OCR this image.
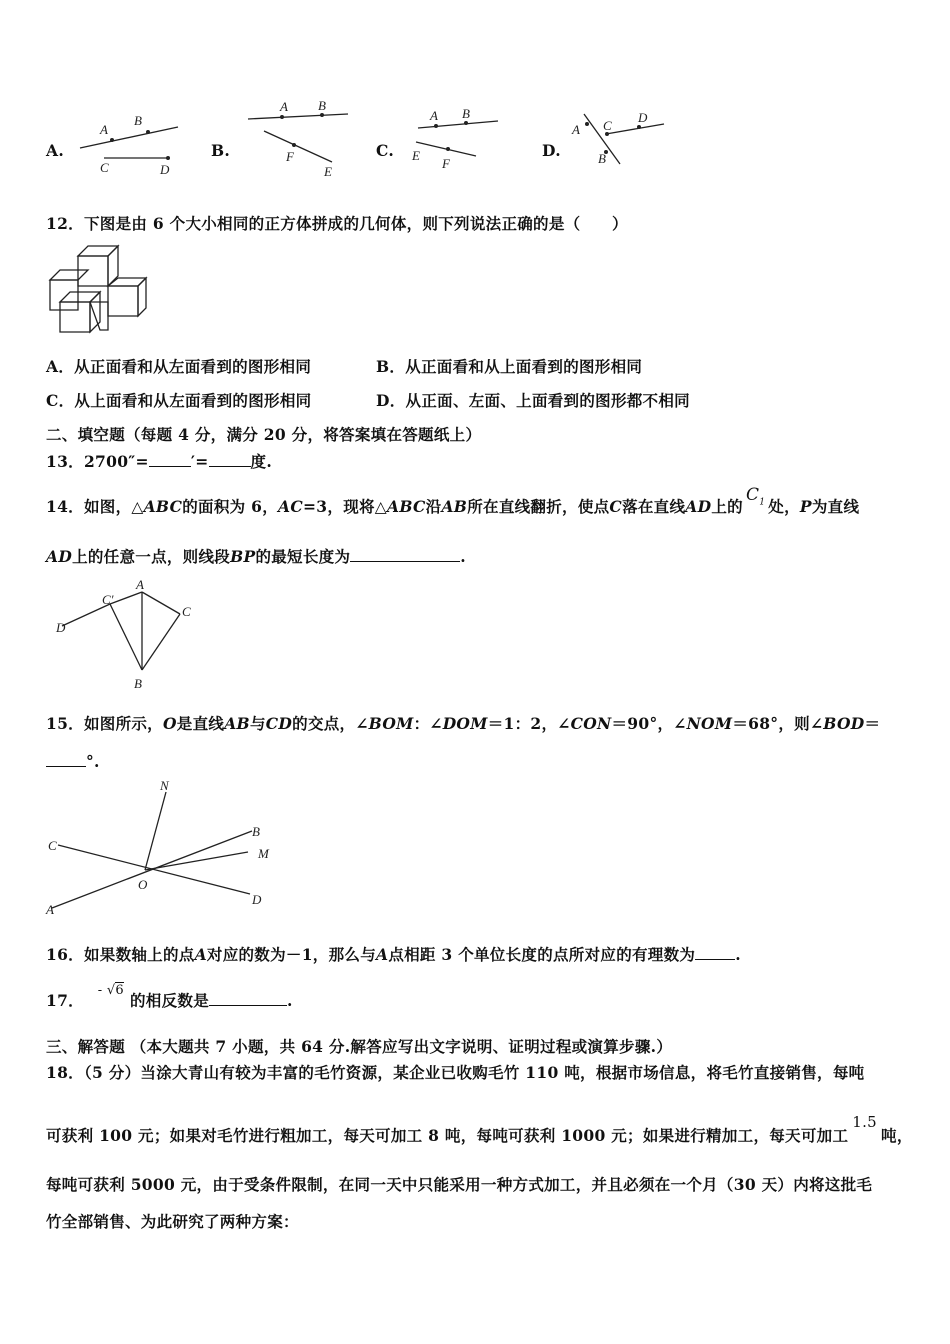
A.
A
B
C	D
B.
A B
F
E
C.
A B
E
F
D.
A C
D
B
12．下图是由 6 个大小相同的正方体拼成的几何体，则下列说法正确的是（　　）
A．从正面看和从左面看到的图形相同	B．从正面看和从上面看到的图形相同
C．从上面看和从左面看到的图形相同	D．从正面、左面、上面看到的图形都不相同
二、填空题（每题 4 分，满分 20 分，将答案填在答题纸上）
13．2700″=	′=	度.
14．如图，△ABC的面积为 6，AC=3，现将△ABC沿AB所在直线翻折，使点C落在直线AD上的$C_1$ 处，P为直线
AD上的任意一点，则线段BP的最短长度为	.
D
C′
A
C
B
15．如图所示，O是直线AB与CD的交点，∠BOM：∠DOM＝1：2，∠CON＝90°，∠NOM＝68°，则∠BOD＝
°.
N
B
M
C
O
A
D
16．如果数轴上的点A对应的数为－1，那么与A点相距 3 个单位长度的点所对应的有理数为	.
17． - √6的相反数是	.
三、解答题 （本大题共 7 小题，共 64 分.解答应写出文字说明、证明过程或演算步骤.）
18．（5 分）当涂大青山有较为丰富的毛竹资源，某企业已收购毛竹 110 吨，根据市场信息，将毛竹直接销售，每吨
可获利 100 元；如果对毛竹进行粗加工，每天可加工 8 吨，每吨可获利 1000 元；如果进行精加工，每天可加工1.5吨，
每吨可获利 5000 元，由于受条件限制，在同一天中只能采用一种方式加工，并且必须在一个月（30 天）内将这批毛
竹全部销售、为此研究了两种方案：
